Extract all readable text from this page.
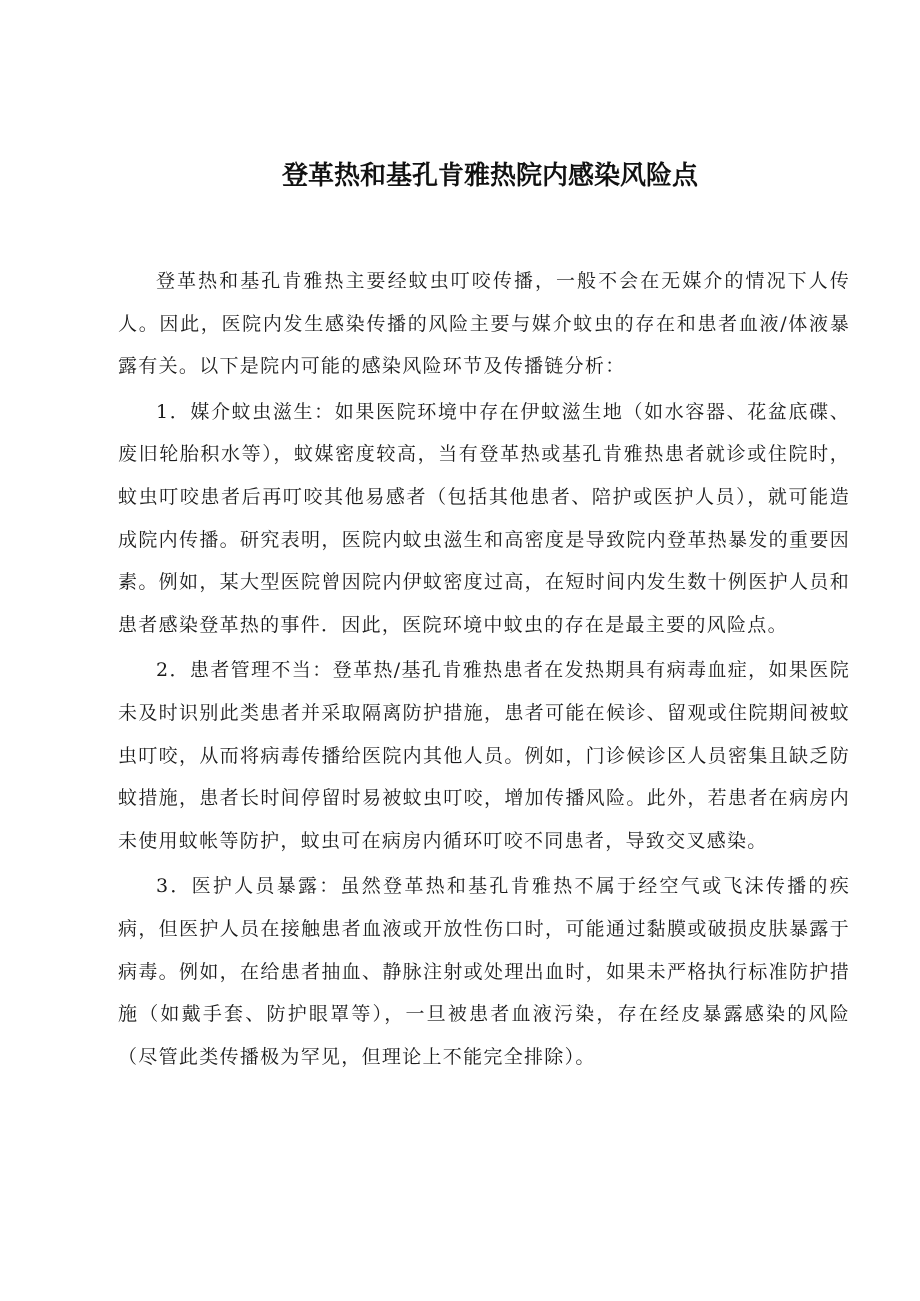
登革热和基孔肯雅热院内感染风险点

登革热和基孔肯雅热主要经蚊虫叮咬传播，一般不会在无媒介的情况下人传人。因此，医院内发生感染传播的风险主要与媒介蚊虫的存在和患者血液/体液暴露有关。以下是院内可能的感染风险环节及传播链分析：

1．媒介蚊虫滋生：如果医院环境中存在伊蚊滋生地（如水容器、花盆底碟、废旧轮胎积水等），蚊媒密度较高，当有登革热或基孔肯雅热患者就诊或住院时，蚊虫叮咬患者后再叮咬其他易感者（包括其他患者、陪护或医护人员），就可能造成院内传播。研究表明，医院内蚊虫滋生和高密度是导致院内登革热暴发的重要因素。例如，某大型医院曾因院内伊蚊密度过高，在短时间内发生数十例医护人员和患者感染登革热的事件．因此，医院环境中蚊虫的存在是最主要的风险点。

2．患者管理不当：登革热/基孔肯雅热患者在发热期具有病毒血症，如果医院未及时识别此类患者并采取隔离防护措施，患者可能在候诊、留观或住院期间被蚊虫叮咬，从而将病毒传播给医院内其他人员。例如，门诊候诊区人员密集且缺乏防蚊措施，患者长时间停留时易被蚊虫叮咬，增加传播风险。此外，若患者在病房内未使用蚊帐等防护，蚊虫可在病房内循环叮咬不同患者，导致交叉感染。

3．医护人员暴露：虽然登革热和基孔肯雅热不属于经空气或飞沫传播的疾病，但医护人员在接触患者血液或开放性伤口时，可能通过黏膜或破损皮肤暴露于病毒。例如，在给患者抽血、静脉注射或处理出血时，如果未严格执行标准防护措施（如戴手套、防护眼罩等），一旦被患者血液污染，存在经皮暴露感染的风险（尽管此类传播极为罕见，但理论上不能完全排除）。
